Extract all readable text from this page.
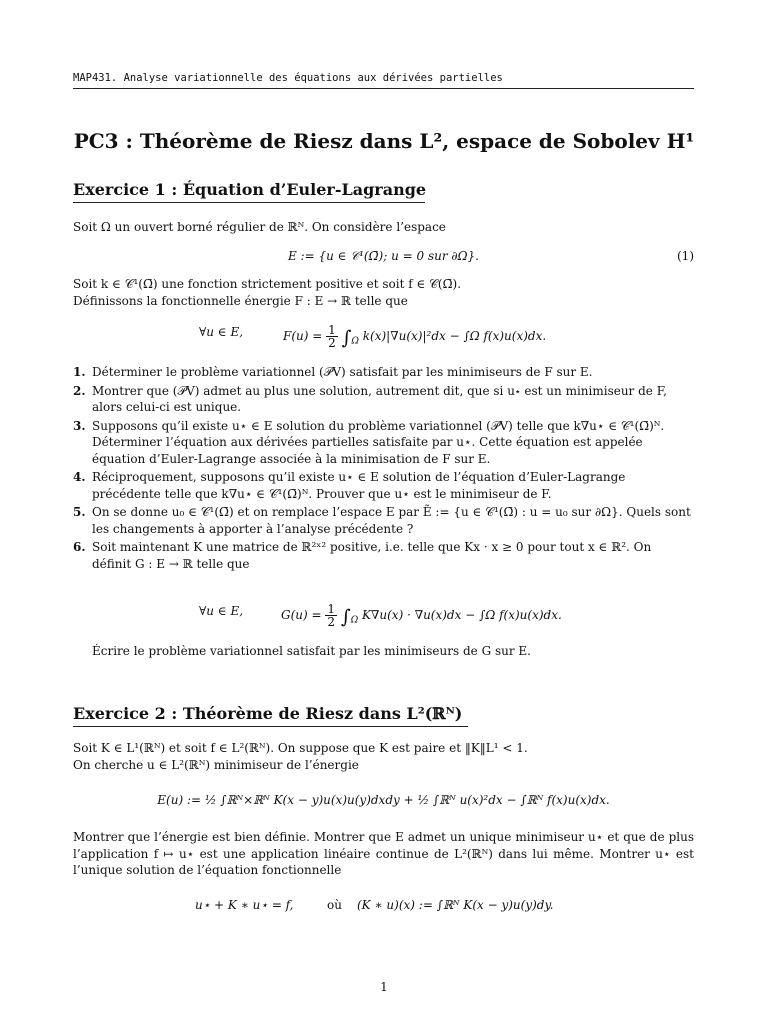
MAP431. Analyse variationnelle des équations aux dérivées partielles
PC3 : Théorème de Riesz dans L², espace de Sobolev H¹
Exercice 1 : Équation d’Euler-Lagrange
Soit Ω un ouvert borné régulier de ℝᴺ. On considère l’espace
E := {u ∈ 𝒞¹(Ω̄); u = 0 sur ∂Ω}.	(1)
Soit k ∈ 𝒞¹(Ω̄) une fonction strictement positive et soit f ∈ 𝒞(Ω̄).
Définissons la fonctionnelle énergie F : E → ℝ telle que
∀u ∈ E,	$F(u) = \frac{1}{2} \int_\Omega$ k(x)|∇u(x)|²dx − ∫Ω f(x)u(x)dx.
1. Déterminer le problème variationnel (𝒫V) satisfait par les minimiseurs de F sur E.
2. Montrer que (𝒫V) admet au plus une solution, autrement dit, que si u⋆ est un minimiseur de F, alors celui-ci est unique.
3. Supposons qu’il existe u⋆ ∈ E solution du problème variationnel (𝒫V) telle que k∇u⋆ ∈ 𝒞¹(Ω̄)ᴺ. Déterminer l’équation aux dérivées partielles satisfaite par u⋆. Cette équation est appelée équation d’Euler-Lagrange associée à la minimisation de F sur E.
4. Réciproquement, supposons qu’il existe u⋆ ∈ E solution de l’équation d’Euler-Lagrange précédente telle que k∇u⋆ ∈ 𝒞¹(Ω̄)ᴺ. Prouver que u⋆ est le minimiseur de F.
5. On se donne u₀ ∈ 𝒞¹(Ω̄) et on remplace l’espace E par Ẽ := {u ∈ 𝒞¹(Ω̄) : u = u₀ sur ∂Ω}. Quels sont les changements à apporter à l’analyse précédente ?
6. Soit maintenant K une matrice de ℝ²ˣ² positive, i.e. telle que Kx · x ≥ 0 pour tout x ∈ ℝ². On définit G : E → ℝ telle que
∀u ∈ E,	$G(u) = \frac{1}{2} \int_\Omega$ K∇u(x) · ∇u(x)dx − ∫Ω f(x)u(x)dx.
Écrire le problème variationnel satisfait par les minimiseurs de G sur E.
Exercice 2 : Théorème de Riesz dans L²(ℝᴺ)
Soit K ∈ L¹(ℝᴺ) et soit f ∈ L²(ℝᴺ). On suppose que K est paire et ‖K‖L¹ < 1.
On cherche u ∈ L²(ℝᴺ) minimiseur de l’énergie
E(u) := ½ ∫ℝᴺ×ℝᴺ K(x − y)u(x)u(y)dxdy + ½ ∫ℝᴺ u(x)²dx − ∫ℝᴺ f(x)u(x)dx.
Montrer que l’énergie est bien définie. Montrer que E admet un unique minimiseur u⋆ et que de plus l’application f ↦ u⋆ est une application linéaire continue de L²(ℝᴺ) dans lui même. Montrer u⋆ est l’unique solution de l’équation fonctionnelle
u⋆ + K ∗ u⋆ = f,	où (K ∗ u)(x) := ∫ℝᴺ K(x − y)u(y)dy.
1
